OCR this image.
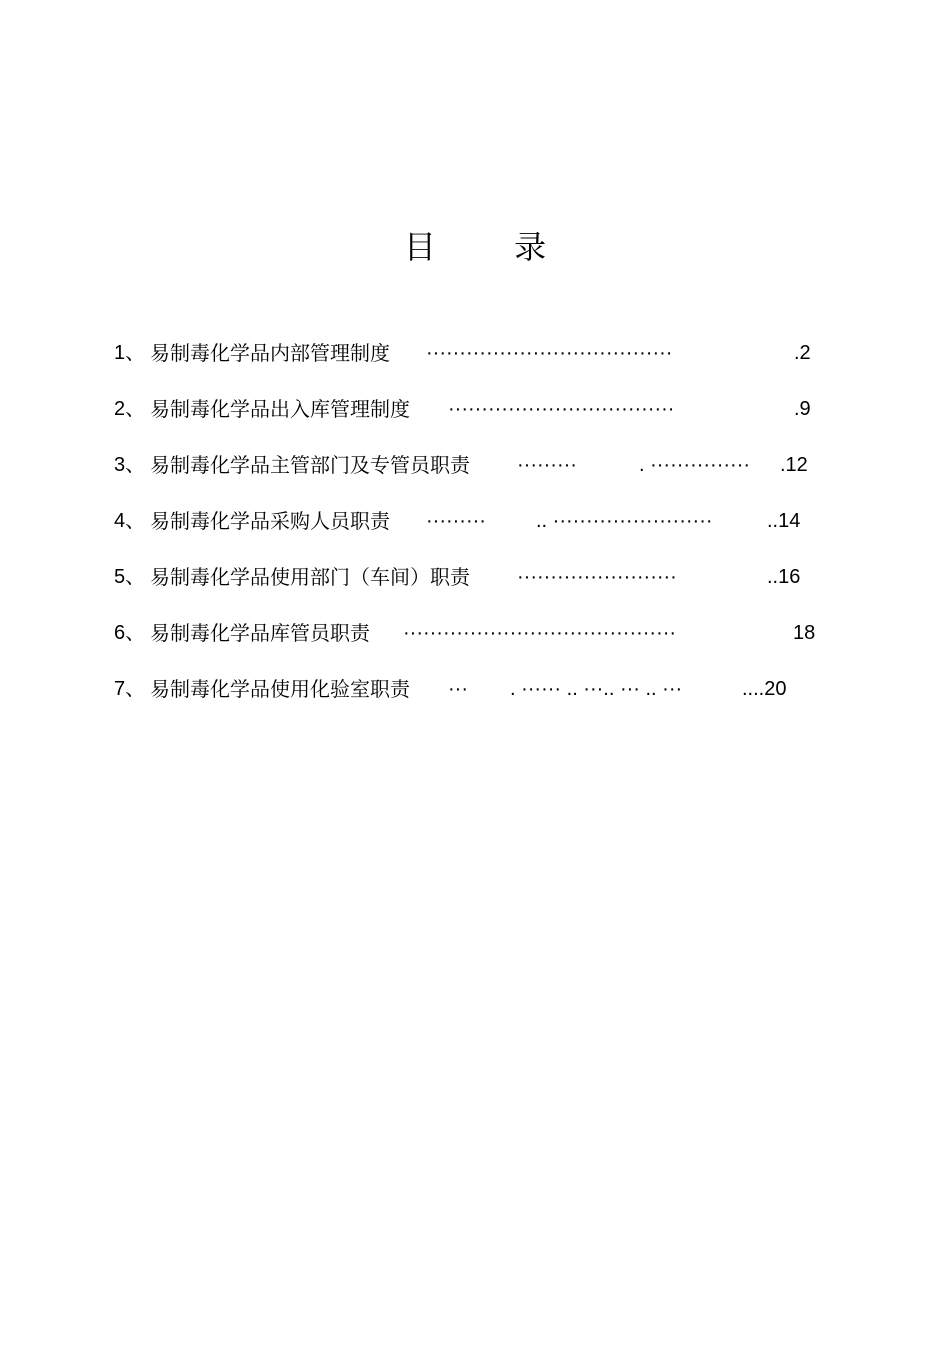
目 录
1、 易制毒化学品内部管理制度 ·····································	.2
2、 易制毒化学品出入库管理制度 ··································	.9
3、 易制毒化学品主管部门及专管员职责 ·········	. ··············· .12
4、 易制毒化学品采购人员职责 ·········	.. ························	..14
5、 易制毒化学品使用部门（车间）职责 ························	..16
6、 易制毒化学品库管员职责 ·········································	18
7、 易制毒化学品使用化验室职责 ··· . ······ .. ···.. ··· .. ···	....20
